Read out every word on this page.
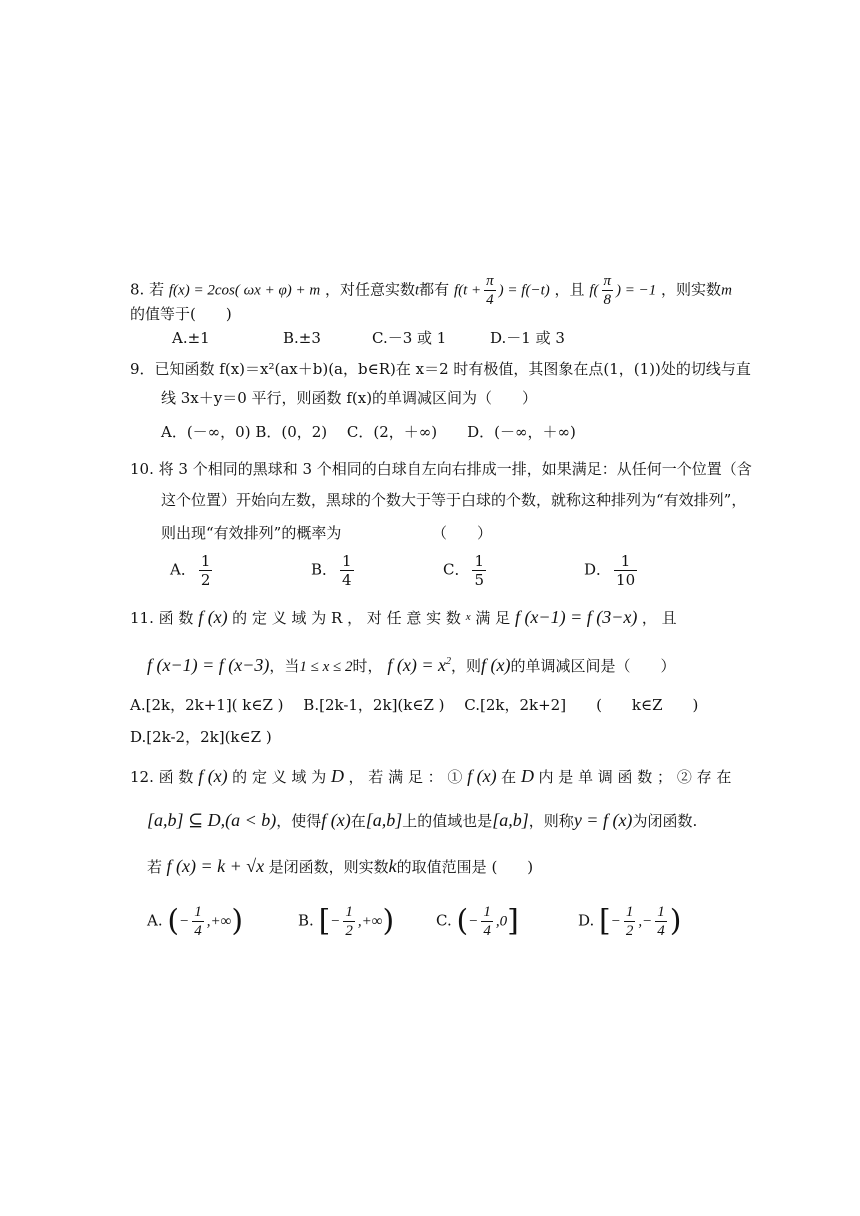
8. 若 f(x) = 2cos( ωx + φ) + m ，对任意实数t都有 $f(t + \frac{\pi}{4}$ ) = f(−t) ，且 $f( \frac{\pi}{8}$ ) = −1 ，则实数m
的值等于(　　)
A.±1	B.±3	C.－3 或 1	D.－1 或 3
9．已知函数 f(x)＝x²(ax＋b)(a，b∈R)在 x＝2 时有极值，其图象在点(1，(1))处的切线与直
线 3x＋y＝0 平行，则函数 f(x)的单调减区间为（　　）
A．(－∞，0) B．(0，2)　 C．(2，＋∞)　　D．(－∞，＋∞)
10. 将 3 个相同的黑球和 3 个相同的白球自左向右排成一排，如果满足：从任何一个位置（含
这个位置）开始向左数，黑球的个数大于等于白球的个数，就称这种排列为“有效排列”，
则出现“有效排列”的概率为	（　　）
A． $\frac{1}{2}$	B． $\frac{1}{4}$	C． $\frac{1}{5}$	D． $\frac{1}{10}$
11. 函 数 f (x) 的 定 义 域 为 R ， 对 任 意 实 数 $^x$ 满 足 f (x−1) = f (3−x) ， 且
f (x−1) = f (x−3)，当1 ≤ x ≤ 2时， f $(x) = x^2$，则f (x)的单调减区间是（　　）
A.[2k，2k+1]( k∈Z )　 B.[2k-1，2k](k∈Z )　 C.[2k，2k+2]　　(　　k∈Z　　)
D.[2k-2，2k](k∈Z )
12. 函 数 f (x) 的 定 义 域 为 D ， 若 满 足 ： ① f (x) 在 D 内 是 单 调 函 数 ； ② 存 在
[a,b] ⊆ D,(a < b)，使得f (x)在[a,b]上的值域也是[a,b]，则称y = f (x)为闭函数.
若 f (x) = k + √x 是闭函数，则实数k的取值范围是 (　　)
A. (− $\frac{1}{4}$ ,+∞)	B. [− $\frac{1}{2}$ ,+∞)	C. (− $\frac{1}{4} ,0$]	D. [− $\frac{1}{2}$ ,− $\frac{1}{4}$ )
